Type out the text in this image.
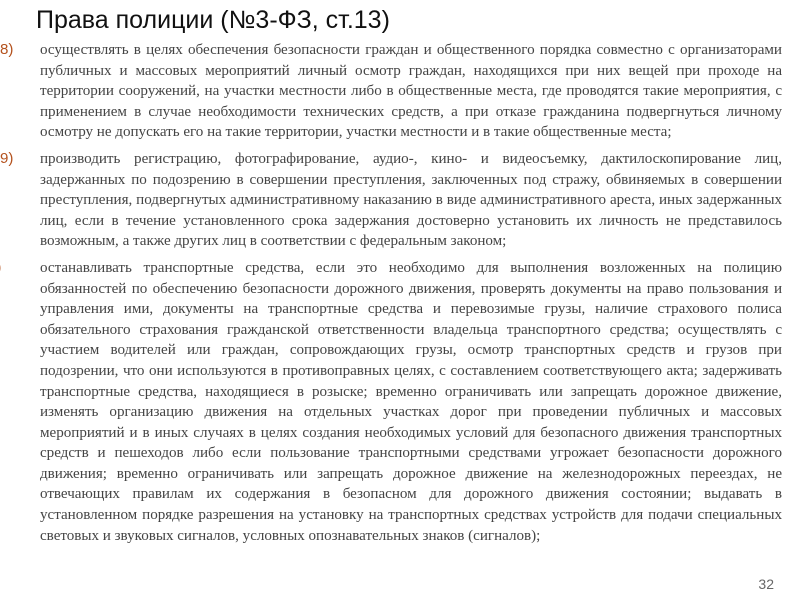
Права полиции (№3-ФЗ, ст.13)
8) осуществлять в целях обеспечения безопасности граждан и общественного порядка совместно с организаторами публичных и массовых мероприятий личный осмотр граждан, находящихся при них вещей при проходе на территории сооружений, на участки местности либо в общественные места, где проводятся такие мероприятия, с применением в случае необходимости технических средств, а при отказе гражданина подвергнуться личному осмотру не допускать его на такие территории, участки местности и в такие общественные места;
9) производить регистрацию, фотографирование, аудио-, кино- и видеосъемку, дактилоскопирование лиц, задержанных по подозрению в совершении преступления, заключенных под стражу, обвиняемых в совершении преступления, подвергнутых административному наказанию в виде административного ареста, иных задержанных лиц, если в течение установленного срока задержания достоверно установить их личность не представилось возможным, а также других лиц в соответствии с федеральным законом;
останавливать транспортные средства, если это необходимо для выполнения возложенных на полицию обязанностей по обеспечению безопасности дорожного движения, проверять документы на право пользования и управления ими, документы на транспортные средства и перевозимые грузы, наличие страхового полиса обязательного страхования гражданской ответственности владельца транспортного средства; осуществлять с участием водителей или граждан, сопровождающих грузы, осмотр транспортных средств и грузов при подозрении, что они используются в противоправных целях, с составлением соответствующего акта; задерживать транспортные средства, находящиеся в розыске; временно ограничивать или запрещать дорожное движение, изменять организацию движения на отдельных участках дорог при проведении публичных и массовых мероприятий и в иных случаях в целях создания необходимых условий для безопасного движения транспортных средств и пешеходов либо если пользование транспортными средствами угрожает безопасности дорожного движения; временно ограничивать или запрещать дорожное движение на железнодорожных переездах, не отвечающих правилам их содержания в безопасном для дорожного движения состоянии; выдавать в установленном порядке разрешения на установку на транспортных средствах устройств для подачи специальных световых и звуковых сигналов, условных опознавательных знаков (сигналов);
32
